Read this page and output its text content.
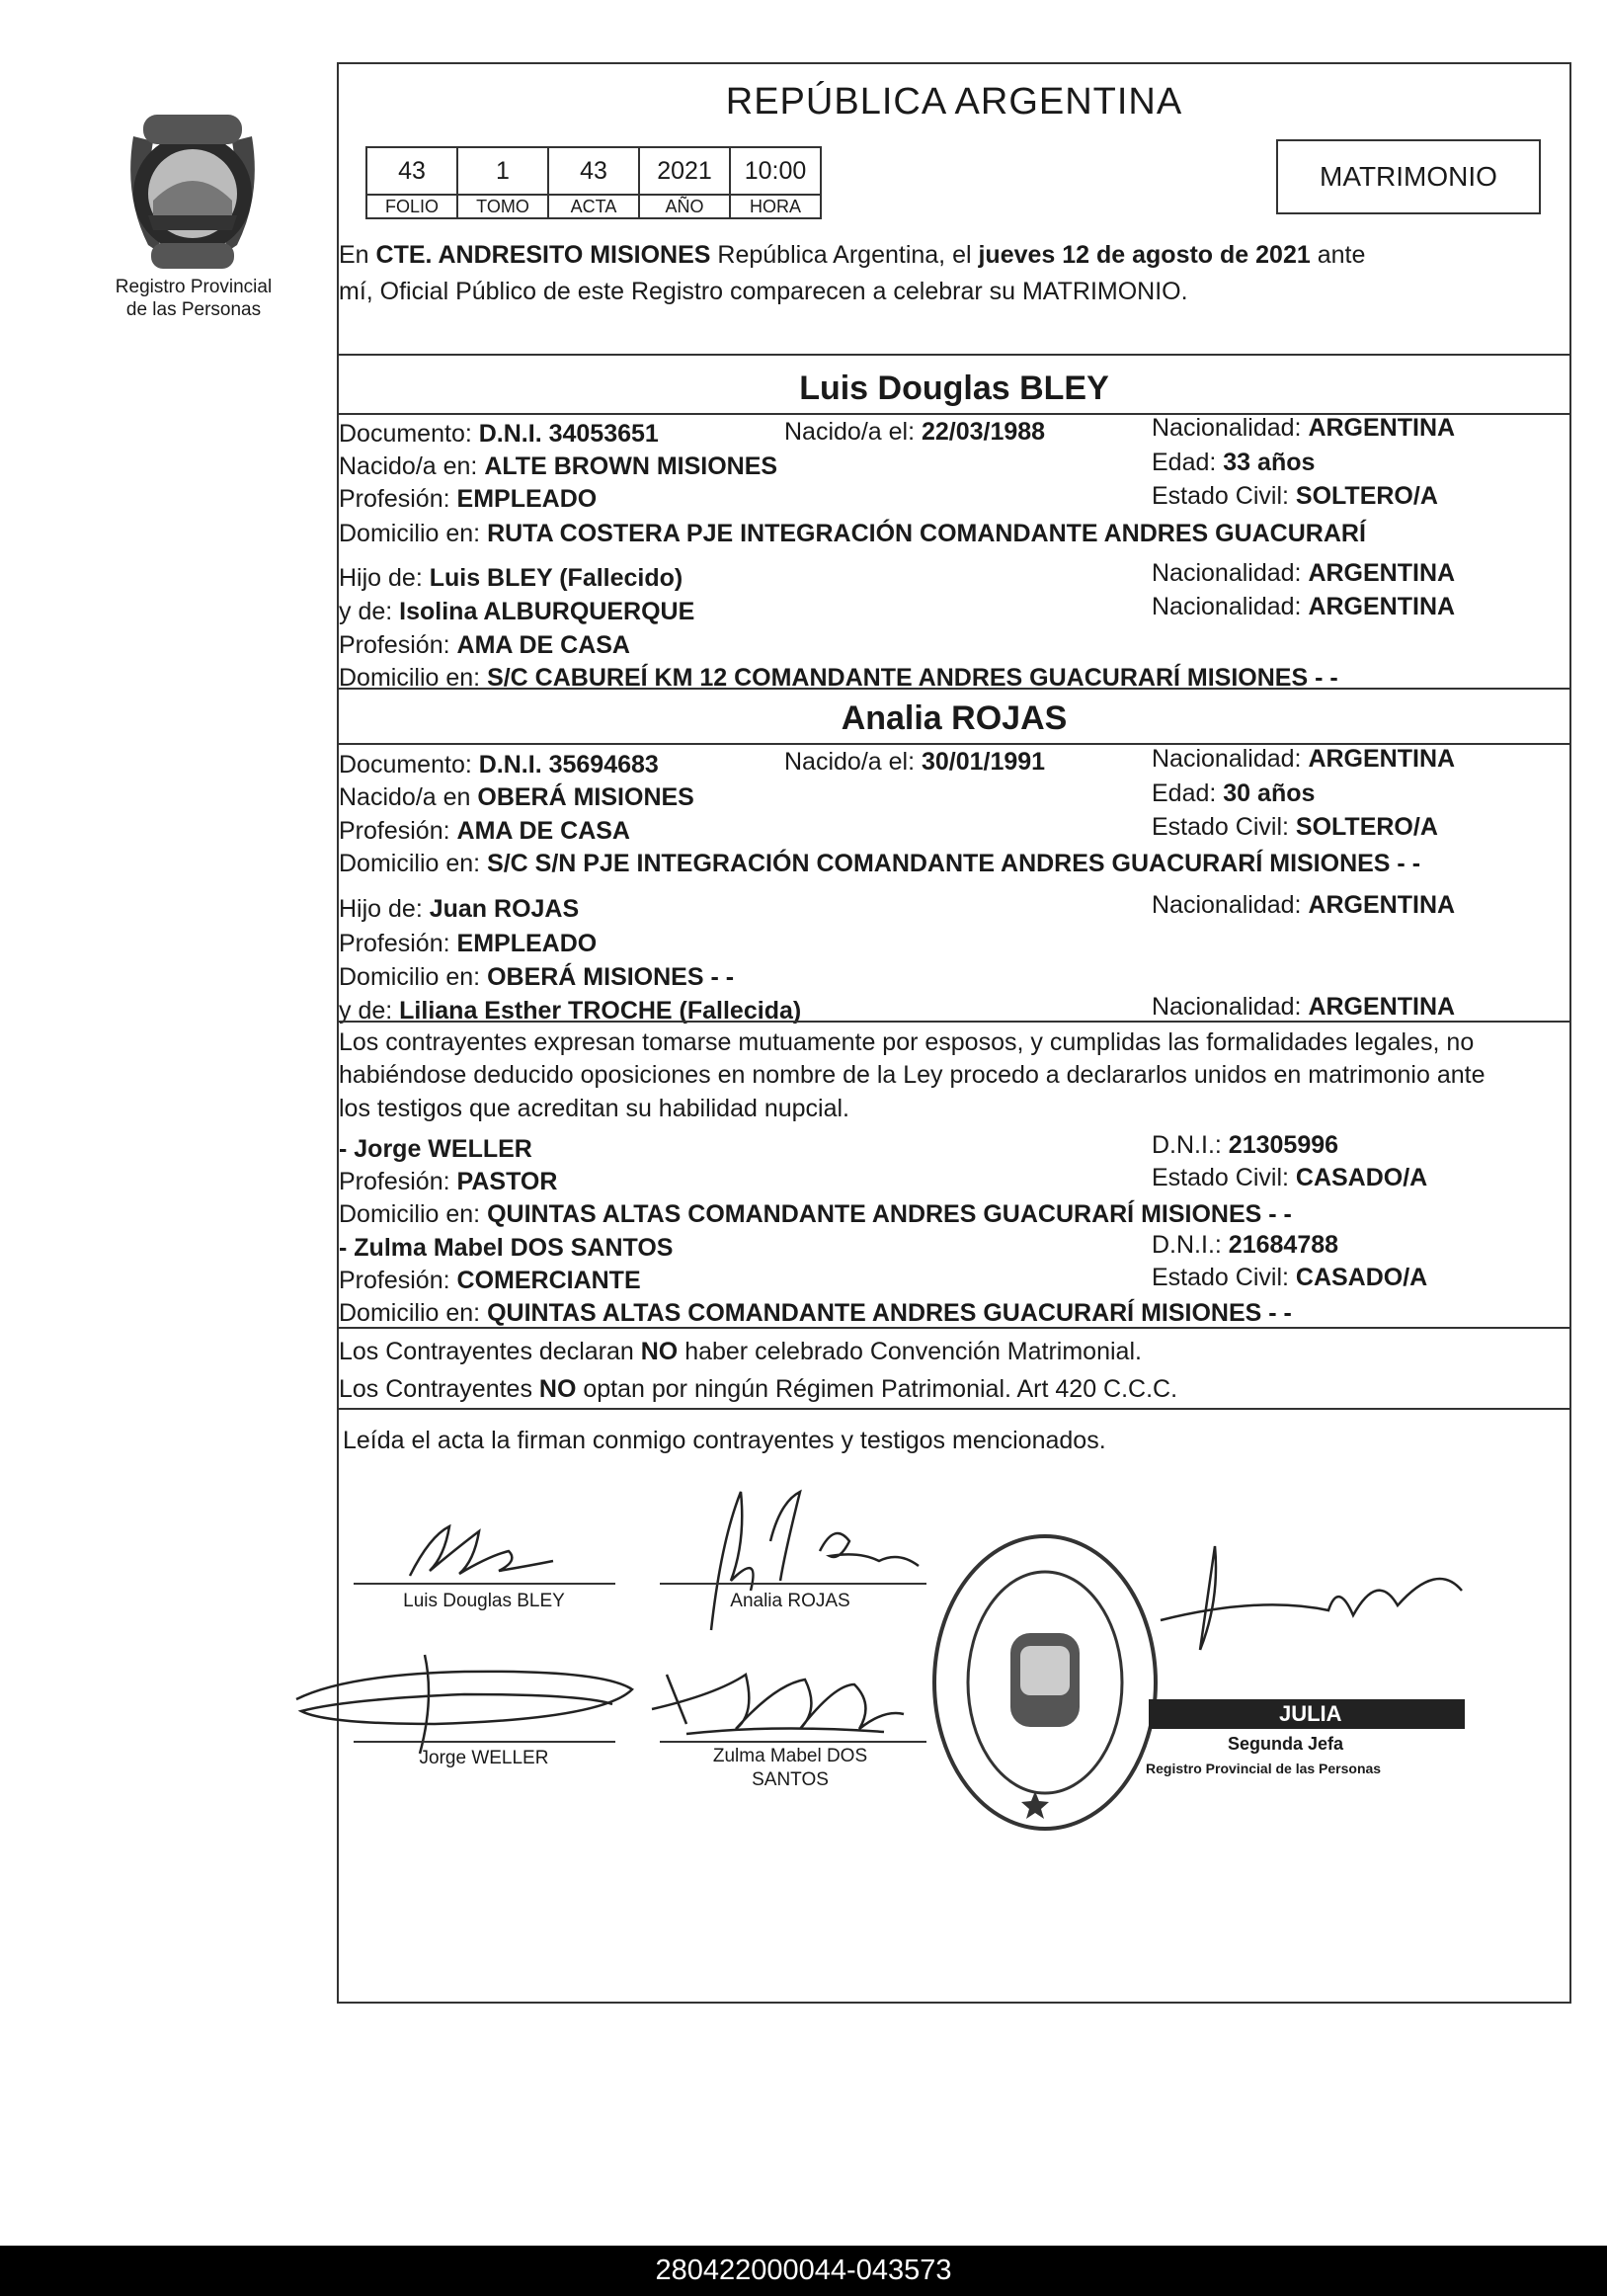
Registro Provincial
de las Personas
REPÚBLICA ARGENTINA
43	1	43	2021	10:00
FOLIO	TOMO	ACTA	AÑO	HORA
MATRIMONIO
En CTE. ANDRESITO MISIONES República Argentina, el jueves 12 de agosto de 2021 ante
mí, Oficial Público de este Registro comparecen a celebrar su MATRIMONIO.
Luis Douglas BLEY
Documento: D.N.I. 34053651	Nacido/a el: 22/03/1988	Nacionalidad: ARGENTINA
Nacido/a en: ALTE BROWN MISIONES	Edad: 33 años
Profesión: EMPLEADO	Estado Civil: SOLTERO/A
Domicilio en: RUTA COSTERA PJE INTEGRACIÓN COMANDANTE ANDRES GUACURARÍ
Hijo de: Luis BLEY (Fallecido)	Nacionalidad: ARGENTINA
y de: Isolina ALBURQUERQUE	Nacionalidad: ARGENTINA
Profesión: AMA DE CASA
Domicilio en: S/C CABUREÍ KM 12 COMANDANTE ANDRES GUACURARÍ MISIONES - -
Analia ROJAS
Documento: D.N.I. 35694683	Nacido/a el: 30/01/1991	Nacionalidad: ARGENTINA
Nacido/a en OBERÁ MISIONES	Edad: 30 años
Profesión: AMA DE CASA	Estado Civil: SOLTERO/A
Domicilio en: S/C S/N PJE INTEGRACIÓN COMANDANTE ANDRES GUACURARÍ MISIONES - -
Hijo de: Juan ROJAS	Nacionalidad: ARGENTINA
Profesión: EMPLEADO
Domicilio en: OBERÁ MISIONES - -
y de: Liliana Esther TROCHE (Fallecida)	Nacionalidad: ARGENTINA
Los contrayentes expresan tomarse mutuamente por esposos, y cumplidas las formalidades legales, no
habiéndose deducido oposiciones en nombre de la Ley procedo a declararlos unidos en matrimonio ante
los testigos que acreditan su habilidad nupcial.
- Jorge WELLER	D.N.I.: 21305996
Profesión: PASTOR	Estado Civil: CASADO/A
Domicilio en: QUINTAS ALTAS COMANDANTE ANDRES GUACURARÍ MISIONES - -
- Zulma Mabel DOS SANTOS	D.N.I.: 21684788
Profesión: COMERCIANTE	Estado Civil: CASADO/A
Domicilio en: QUINTAS ALTAS COMANDANTE ANDRES GUACURARÍ MISIONES - -
Los Contrayentes declaran NO haber celebrado Convención Matrimonial.
Los Contrayentes NO optan por ningún Régimen Patrimonial. Art 420 C.C.C.
Leída el acta la firman conmigo contrayentes y testigos mencionados.
Luis Douglas BLEY	Analia ROJAS
Jorge WELLER	Zulma Mabel DOS
SANTOS
JULIA
Segunda Jefa
Registro Provincial de las Personas
280422000044-043573
